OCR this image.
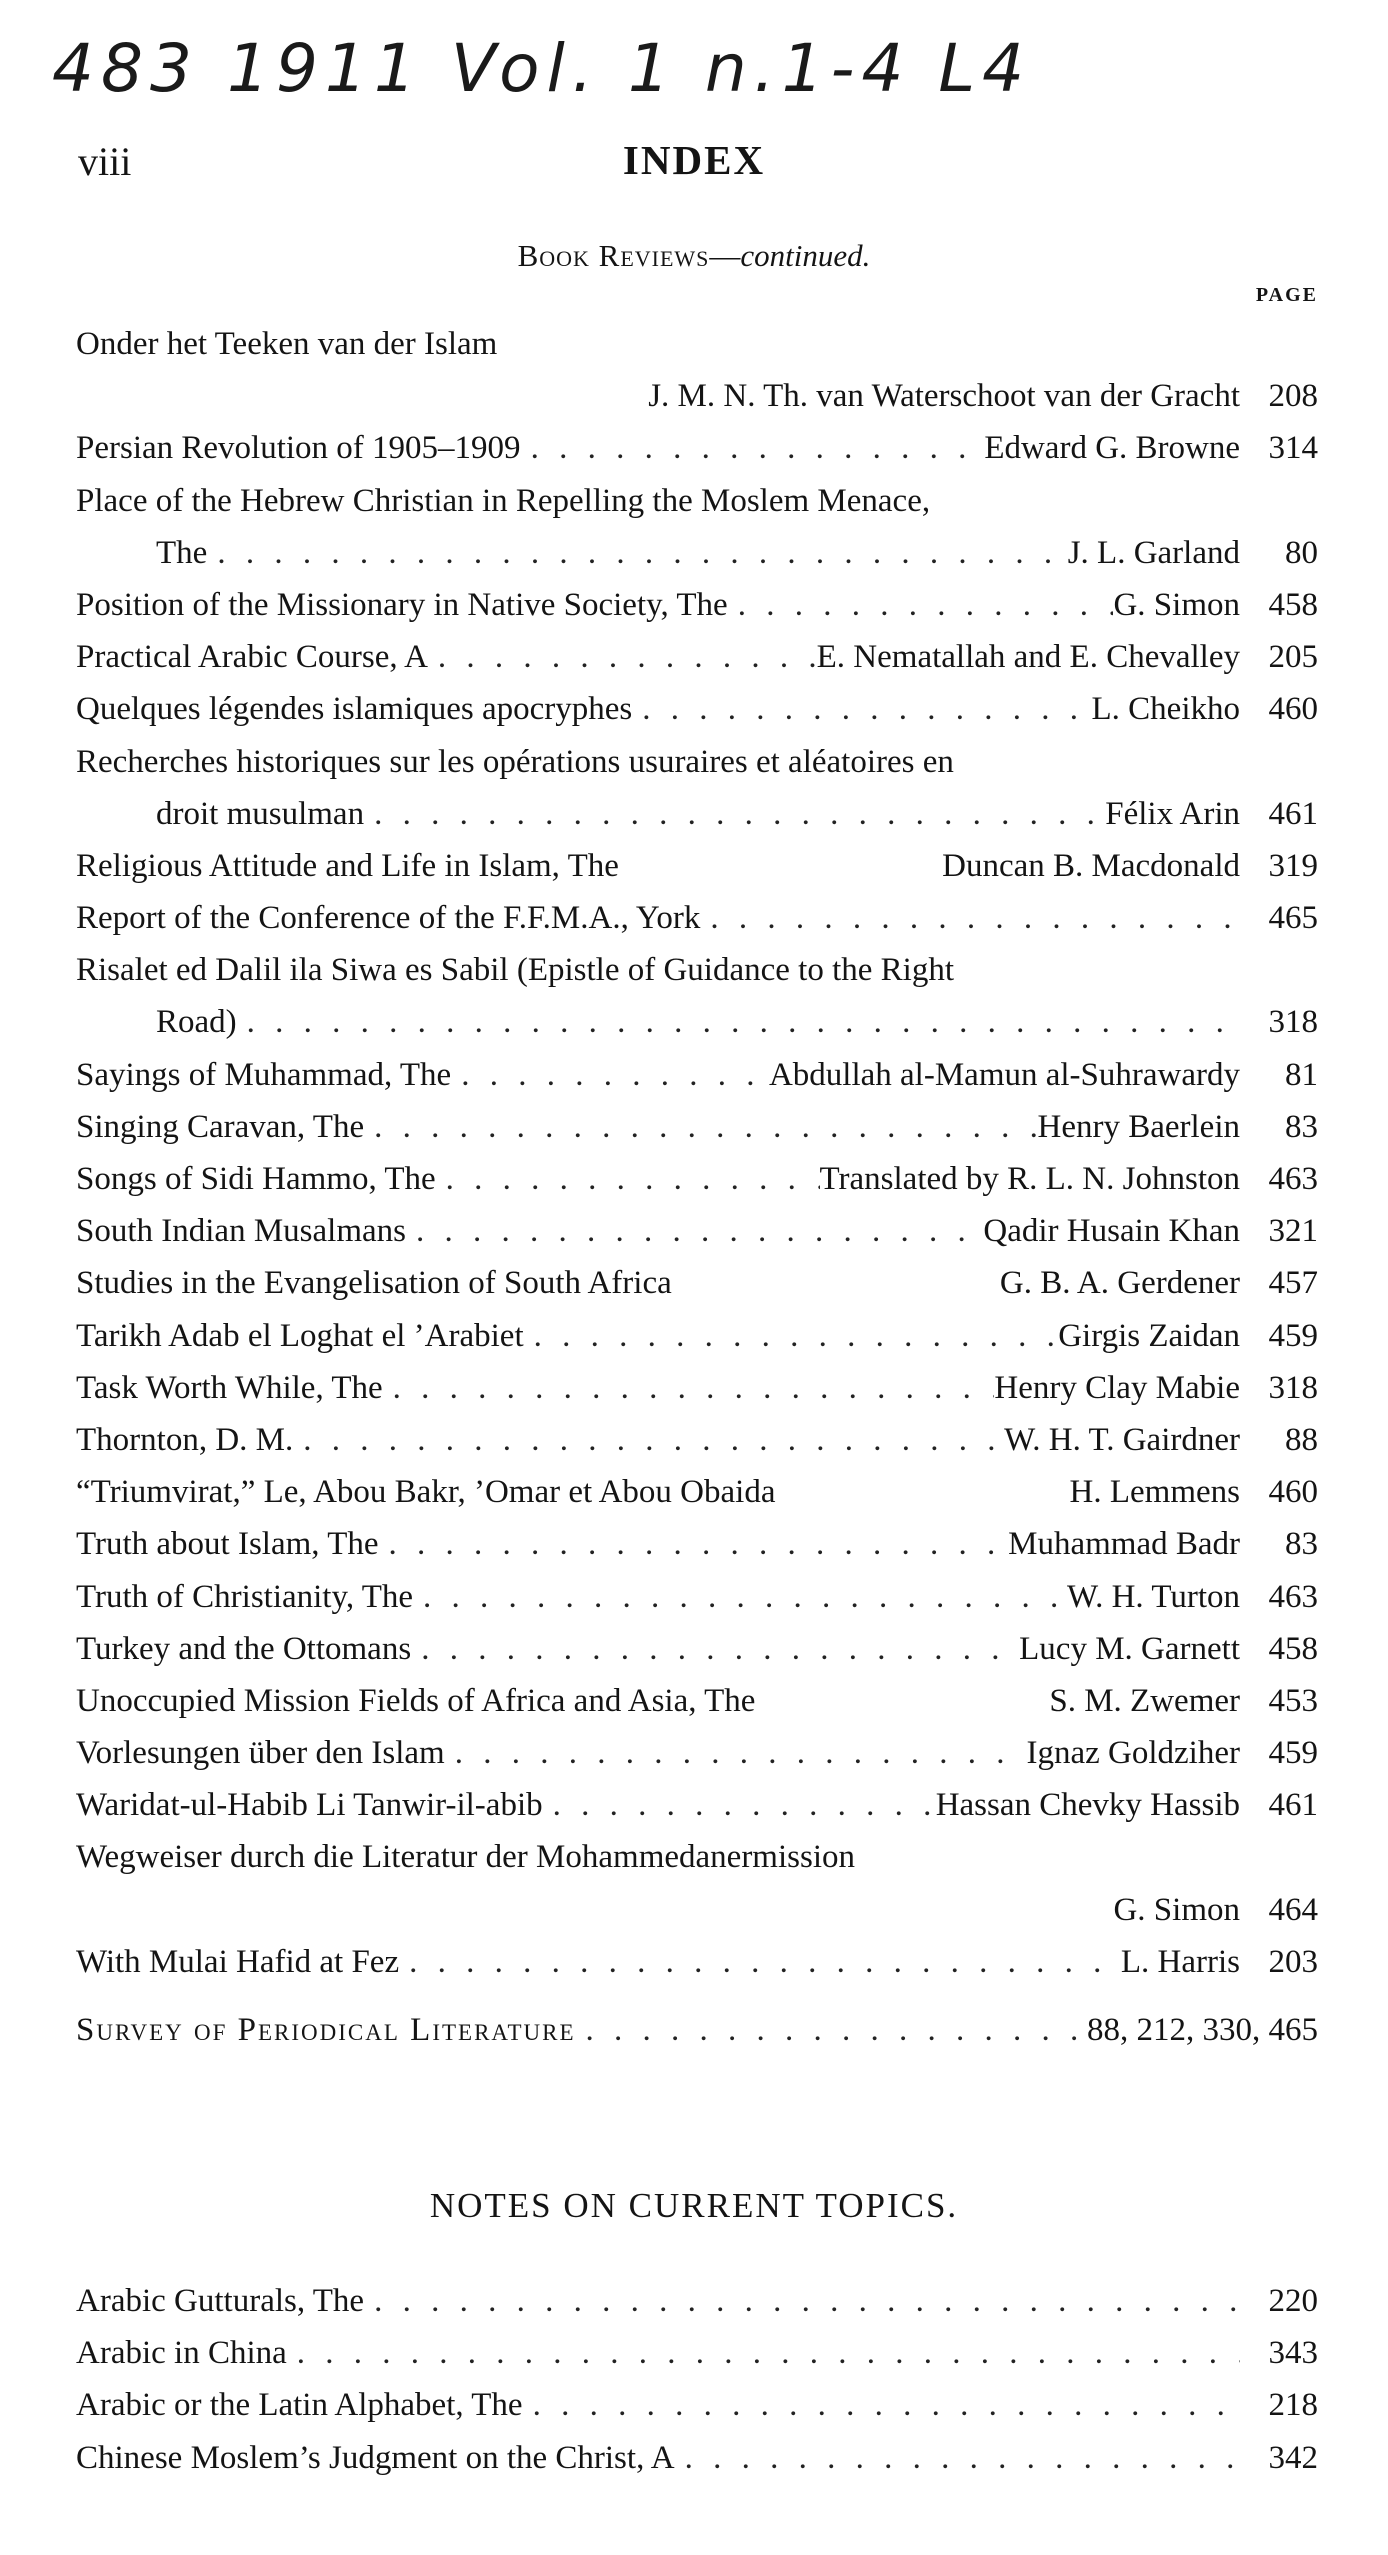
483 1911 Vol. 1 n.1-4 L4
viii	INDEX
Book Reviews—continued.
PAGE
Onder het Teeken van der Islam
J. M. N. Th. van Waterschoot van der Gracht 208
Persian Revolution of 1905–1909 . . .	Edward G. Browne 314
Place of the Hebrew Christian in Repelling the Moslem Menace,
The . . .	J. L. Garland	80
Position of the Missionary in Native Society, The . . .	G. Simon 458
Practical Arabic Course, A . . .	E. Nematallah and E. Chevalley 205
Quelques légendes islamiques apocryphes . . .	L. Cheikho 460
Recherches historiques sur les opérations usuraires et aléatoires en
droit musulman . . .	Félix Arin 461
Religious Attitude and Life in Islam, The	Duncan B. Macdonald 319
Report of the Conference of the F.F.M.A., York . . .	465
Risalet ed Dalil ila Siwa es Sabil (Epistle of Guidance to the Right
Road) . . .	318
Sayings of Muhammad, The . . .	Abdullah al-Mamun al-Suhrawardy	81
Singing Caravan, The . . .	Henry Baerlein	83
Songs of Sidi Hammo, The . . .	Translated by R. L. N. Johnston 463
South Indian Musalmans . . .	Qadir Husain Khan 321
Studies in the Evangelisation of South Africa	G. B. A. Gerdener 457
Tarikh Adab el Loghat el ’Arabiet . . .	Girgis Zaidan 459
Task Worth While, The . . .	Henry Clay Mabie 318
Thornton, D. M. . . .	W. H. T. Gairdner	88
“Triumvirat,” Le, Abou Bakr, ’Omar et Abou Obaida	H. Lemmens 460
Truth about Islam, The . . .	Muhammad Badr	83
Truth of Christianity, The . . .	W. H. Turton 463
Turkey and the Ottomans . . .	Lucy M. Garnett 458
Unoccupied Mission Fields of Africa and Asia, The	S. M. Zwemer 453
Vorlesungen über den Islam . . .	Ignaz Goldziher 459
Waridat-ul-Habib Li Tanwir-il-abib . . .	Hassan Chevky Hassib 461
Wegweiser durch die Literatur der Mohammedanermission
G. Simon 464
With Mulai Hafid at Fez . . .	L. Harris 203
Survey of Periodical Literature . . .	88, 212, 330, 465
NOTES ON CURRENT TOPICS.
Arabic Gutturals, The . . .	220
Arabic in China . . .	343
Arabic or the Latin Alphabet, The . . .	218
Chinese Moslem’s Judgment on the Christ, A . . .	342
